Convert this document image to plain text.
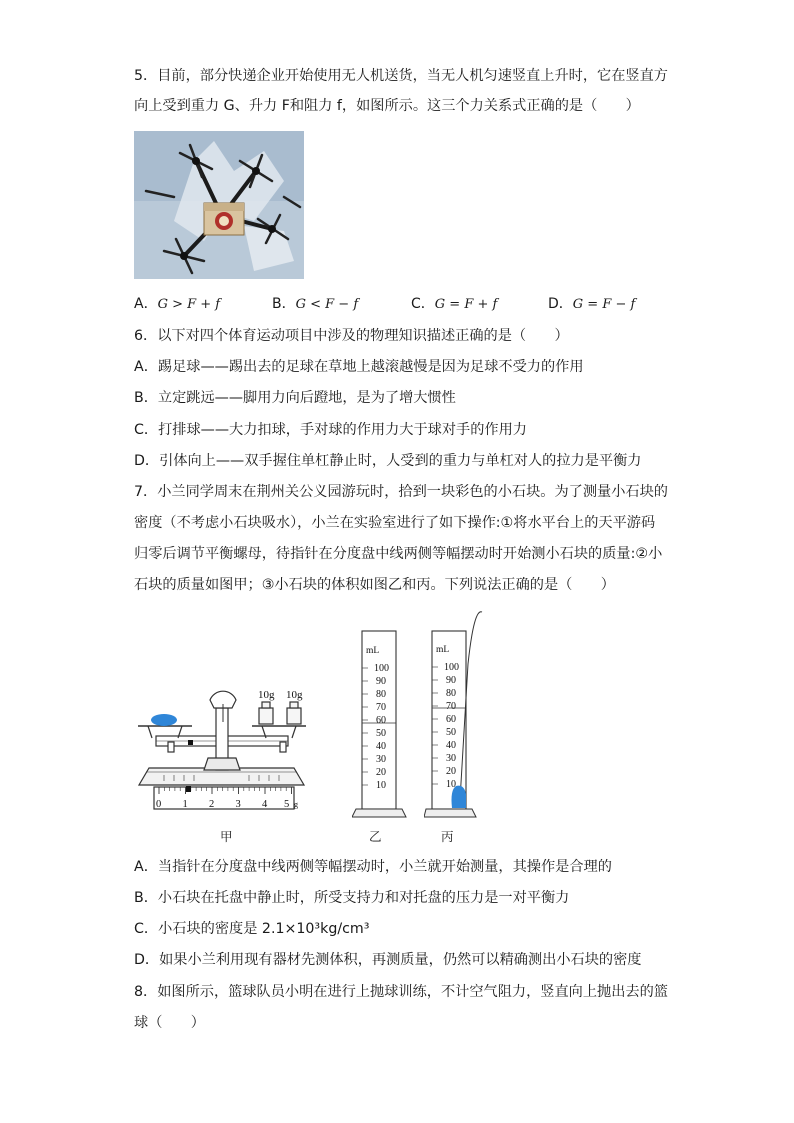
5．目前，部分快递企业开始使用无人机送货，当无人机匀速竖直上升时，它在竖直方
向上受到重力 G、升力 F和阻力 f，如图所示。这三个力关系式正确的是（　　）
A．G > F + f	B．G < F − f	C．G = F + f	D．G = F − f
6．以下对四个体育运动项目中涉及的物理知识描述正确的是（　　）
A．踢足球——踢出去的足球在草地上越滚越慢是因为足球不受力的作用
B．立定跳远——脚用力向后蹬地，是为了增大惯性
C．打排球——大力扣球，手对球的作用力大于球对手的作用力
D．引体向上——双手握住单杠静止时，人受到的重力与单杠对人的拉力是平衡力
7．小兰同学周末在荆州关公义园游玩时，拾到一块彩色的小石块。为了测量小石块的
密度（不考虑小石块吸水），小兰在实验室进行了如下操作:①将水平台上的天平游码
归零后调节平衡螺母，待指针在分度盘中线两侧等幅摆动时开始测小石块的质量:②小
石块的质量如图甲；③小石块的体积如图乙和丙。下列说法正确的是（　　）
10g 10g
0 1 2 3 4 5 g
mL
100
90
80
70
60
50
40
30
20
10
mL
100
90
80
70
60
50
40
30
20
10
甲	乙	丙
A．当指针在分度盘中线两侧等幅摆动时，小兰就开始测量，其操作是合理的
B．小石块在托盘中静止时，所受支持力和对托盘的压力是一对平衡力
C．小石块的密度是 2.1×10³kg/cm³
D．如果小兰利用现有器材先测体积，再测质量，仍然可以精确测出小石块的密度
8．如图所示，篮球队员小明在进行上抛球训练，不计空气阻力，竖直向上抛出去的篮
球（　　）
